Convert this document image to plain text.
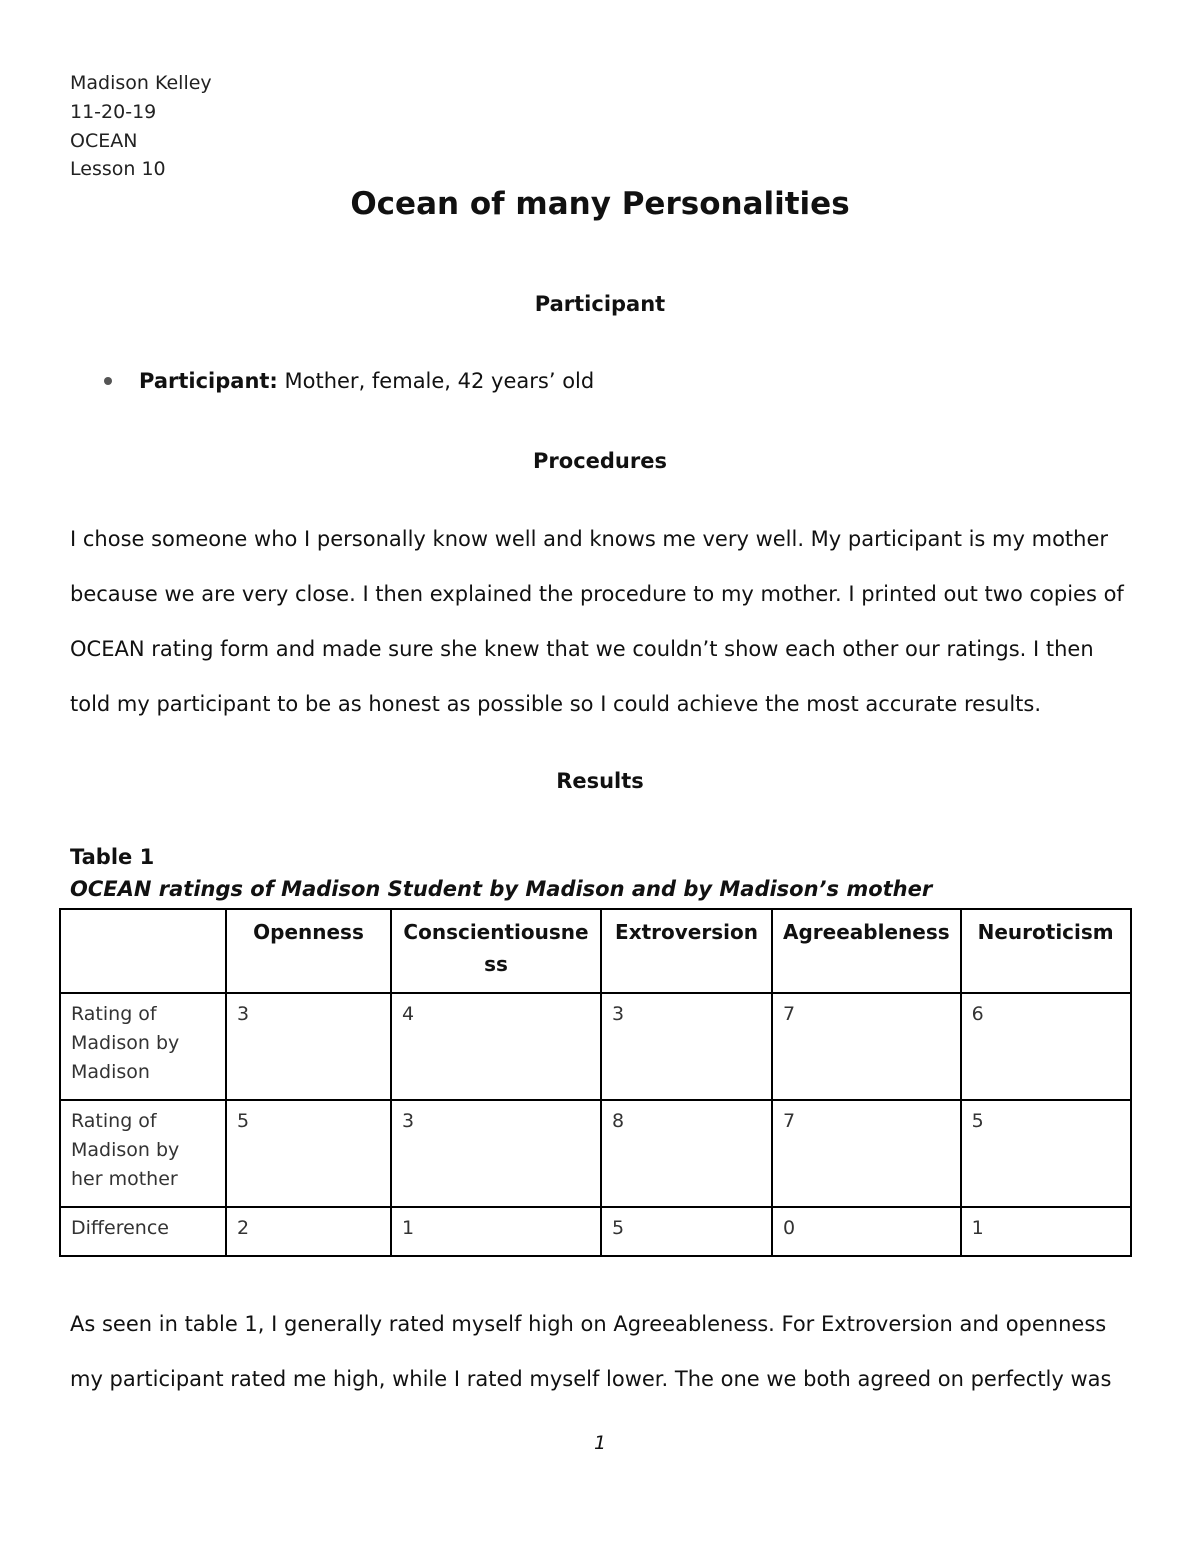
Madison Kelley
11-20-19
OCEAN
Lesson 10
Ocean of many Personalities
Participant
Participant: Mother, female, 42 years’ old
Procedures
I chose someone who I personally know well and knows me very well. My participant is my mother because we are very close. I then explained the procedure to my mother. I printed out two copies of OCEAN rating form and made sure she knew that we couldn’t show each other our ratings. I then told my participant to be as honest as possible so I could achieve the most accurate results.
Results
Table 1
OCEAN ratings of Madison Student by Madison and by Madison’s mother
	Openness	Conscientiousness	Extroversion	Agreeableness	Neuroticism
Rating of Madison by Madison	3	4	3	7	6
Rating of Madison by her mother	5	3	8	7	5
Difference	2	1	5	0	1
As seen in table 1, I generally rated myself high on Agreeableness. For Extroversion and openness my participant rated me high, while I rated myself lower. The one we both agreed on perfectly was
1
